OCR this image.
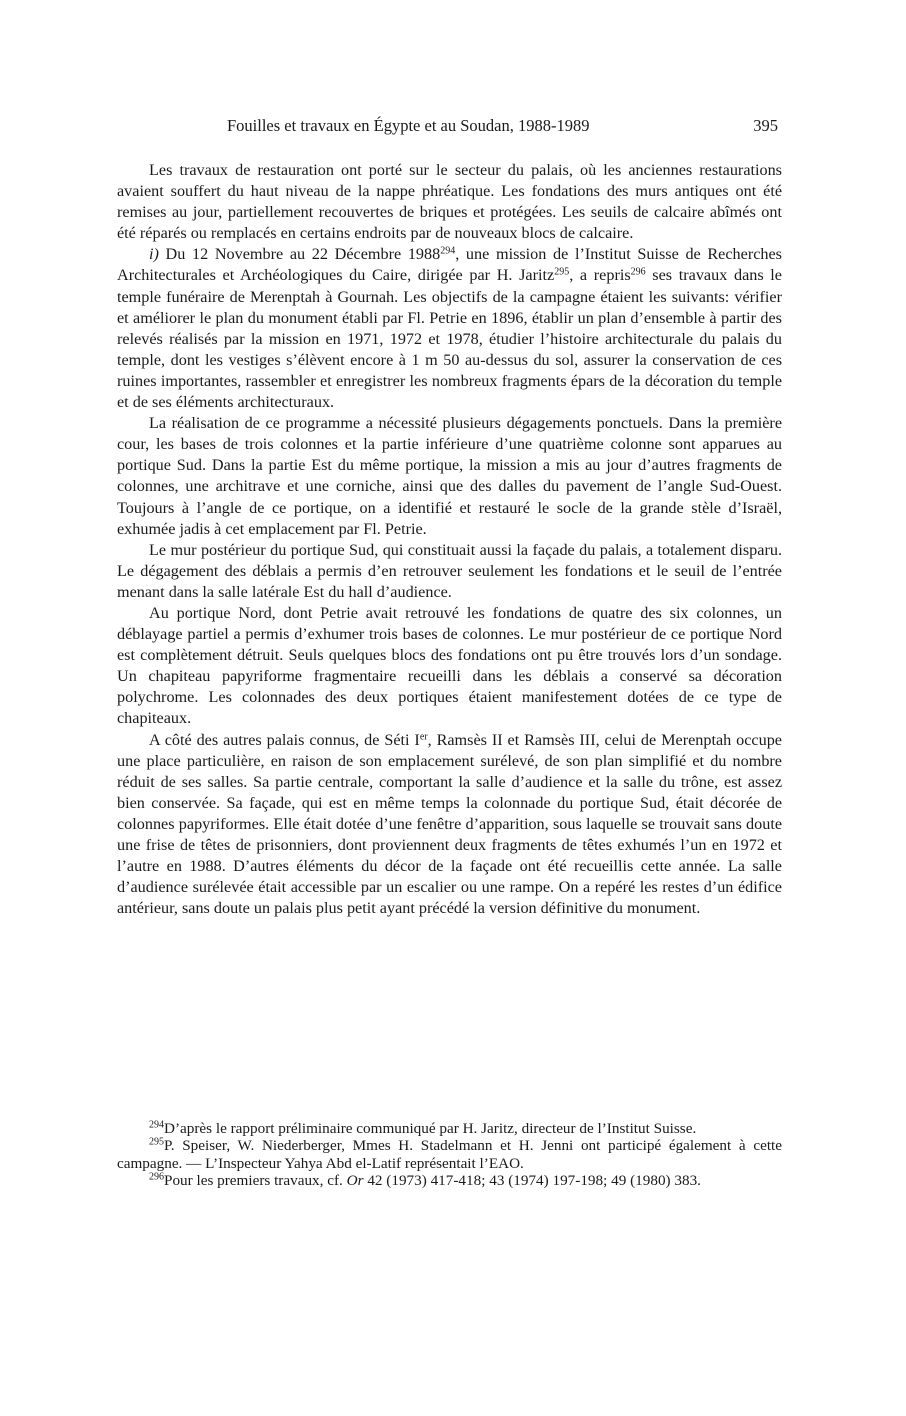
Fouilles et travaux en Égypte et au Soudan, 1988-1989	395

Les travaux de restauration ont porté sur le secteur du palais, où les anciennes restaurations avaient souffert du haut niveau de la nappe phréatique. Les fondations des murs antiques ont été remises au jour, partiellement recouvertes de briques et protégées. Les seuils de calcaire abîmés ont été réparés ou remplacés en certains endroits par de nouveaux blocs de calcaire.

i) Du 12 Novembre au 22 Décembre 1988$^{294}$, une mission de l’Institut Suisse de Recherches Architecturales et Archéologiques du Caire, dirigée par H. Jaritz$^{295}$, a repris$^{296}$ ses travaux dans le temple funéraire de Merenptah à Gournah. Les objectifs de la campagne étaient les suivants: vérifier et améliorer le plan du monument établi par Fl. Petrie en 1896, établir un plan d’ensemble à partir des relevés réalisés par la mission en 1971, 1972 et 1978, étudier l’histoire architecturale du palais du temple, dont les vestiges s’élèvent encore à 1 m 50 au-dessus du sol, assurer la conservation de ces ruines importantes, rassembler et enregistrer les nombreux fragments épars de la décoration du temple et de ses éléments architecturaux.

La réalisation de ce programme a nécessité plusieurs dégagements ponctuels. Dans la première cour, les bases de trois colonnes et la partie inférieure d’une quatrième colonne sont apparues au portique Sud. Dans la partie Est du même portique, la mission a mis au jour d’autres fragments de colonnes, une architrave et une corniche, ainsi que des dalles du pavement de l’angle Sud-Ouest. Toujours à l’angle de ce portique, on a identifié et restauré le socle de la grande stèle d’Israël, exhumée jadis à cet emplacement par Fl. Petrie.

Le mur postérieur du portique Sud, qui constituait aussi la façade du palais, a totalement disparu. Le dégagement des déblais a permis d’en retrouver seulement les fondations et le seuil de l’entrée menant dans la salle latérale Est du hall d’audience.

Au portique Nord, dont Petrie avait retrouvé les fondations de quatre des six colonnes, un déblayage partiel a permis d’exhumer trois bases de colonnes. Le mur postérieur de ce portique Nord est complètement détruit. Seuls quelques blocs des fondations ont pu être trouvés lors d’un sondage. Un chapiteau papyriforme fragmentaire recueilli dans les déblais a conservé sa décoration polychrome. Les colonnades des deux portiques étaient manifestement dotées de ce type de chapiteaux.

A côté des autres palais connus, de Séti Ier, Ramsès II et Ramsès III, celui de Merenptah occupe une place particulière, en raison de son emplacement surélevé, de son plan simplifié et du nombre réduit de ses salles. Sa partie centrale, comportant la salle d’audience et la salle du trône, est assez bien conservée. Sa façade, qui est en même temps la colonnade du portique Sud, était décorée de colonnes papyriformes. Elle était dotée d’une fenêtre d’apparition, sous laquelle se trouvait sans doute une frise de têtes de prisonniers, dont proviennent deux fragments de têtes exhumés l’un en 1972 et l’autre en 1988. D’autres éléments du décor de la façade ont été recueillis cette année. La salle d’audience surélevée était accessible par un escalier ou une rampe. On a repéré les restes d’un édifice antérieur, sans doute un palais plus petit ayant précédé la version définitive du monument.

$^{294}$D’après le rapport préliminaire communiqué par H. Jaritz, directeur de l’Institut Suisse.

$^{295}$P. Speiser, W. Niederberger, Mmes H. Stadelmann et H. Jenni ont participé également à cette campagne. — L’Inspecteur Yahya Abd el-Latif représentait l’EAO.

$^{296}$Pour les premiers travaux, cf. Or 42 (1973) 417-418; 43 (1974) 197-198; 49 (1980) 383.
